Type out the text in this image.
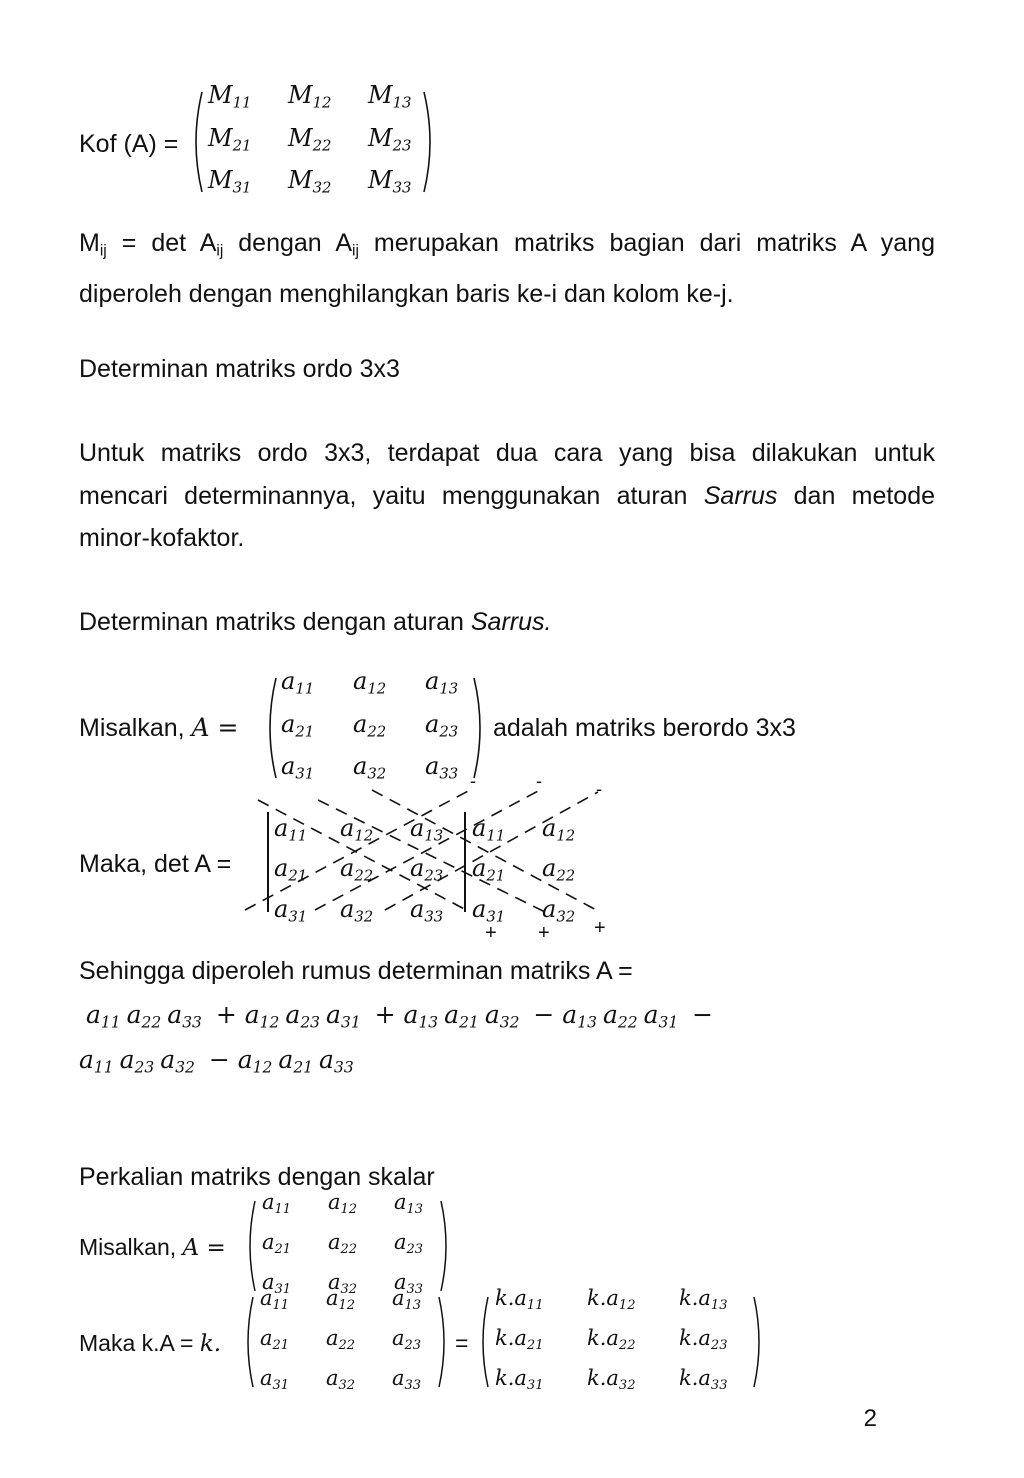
Kof (A) =
M11 M12 M13
M21 M22 M23
M31 M32 M33
Mij = det Aij dengan Aij merupakan matriks bagian dari matriks A yang diperoleh dengan menghilangkan baris ke-i dan kolom ke-j.
Determinan matriks ordo 3x3
Untuk matriks ordo 3x3, terdapat dua cara yang bisa dilakukan untuk mencari determinannya, yaitu menggunakan aturan Sarrus dan metode minor-kofaktor.
Determinan matriks dengan aturan Sarrus.
Misalkan, A =
a11	a12	a13
a21	a22	a23
a31	a32	a33
adalah matriks berordo 3x3
Maka, det A =
a11	a12	a13	a11	a12
a21	a22	a23	a21	a22
a31	a32	a33	a31	a32
-	-	-
+ + +
Sehingga diperoleh rumus determinan matriks A =
a11 a22 a33 + a12 a23 a31 + a13 a21 a32 − a13 a22 a31 −
a11 a23 a32 − a12 a21 a33
Perkalian matriks dengan skalar
Misalkan, A =
a11	a12	a13
a21	a22	a23
a31	a32	a33
Maka k.A = k.
a11	a12	a13
a21	a22	a23
a31	a32	a33
=
k.a11	k.a12	k.a13
k.a21	k.a22	k.a23
k.a31	k.a32	k.a33
2
